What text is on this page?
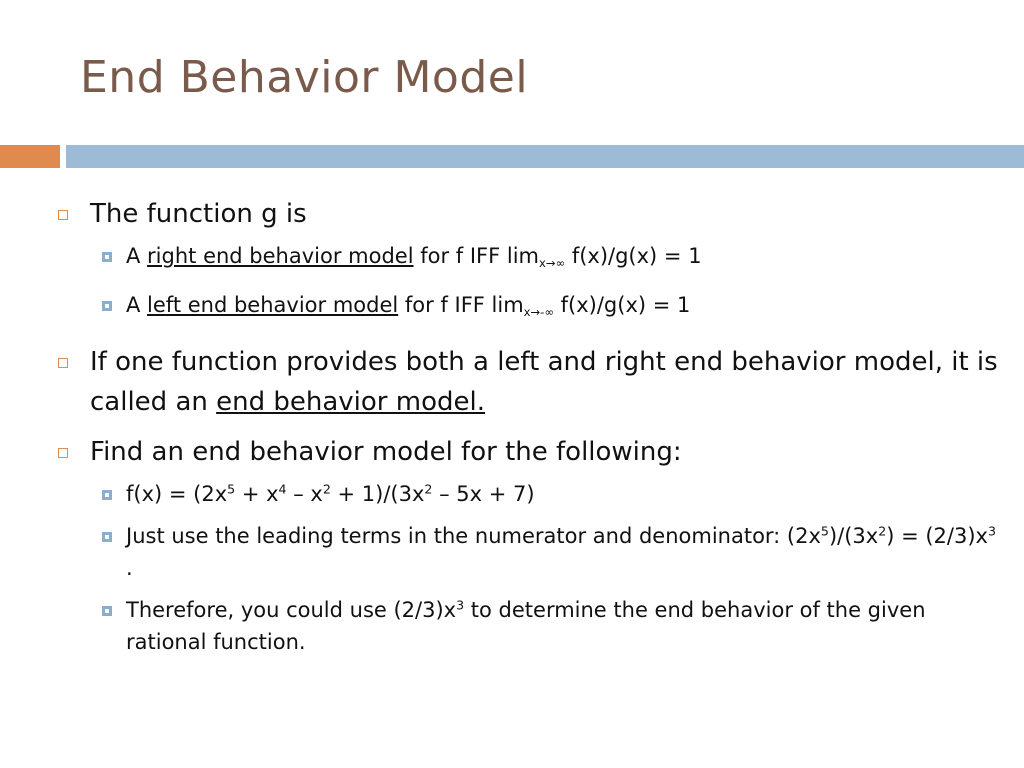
End Behavior Model
The function g is
A right end behavior model for f IFF limx→∞ f(x)/g(x) = 1
A left end behavior model for f IFF limx→-∞ f(x)/g(x) = 1
If one function provides both a left and right end behavior model, it is called an end behavior model.
Find an end behavior model for the following:
$f(x) = (2x^5 + x^4 - x^2 + 1)/(3x^2 - 5x + 7)$
Just use the leading terms in the numerator and denominator: $(2x^5)/(3x^2) = (2/3)x^3$ .
Therefore, you could use $(2/3)x^3$ to determine the end behavior of the given rational function.
